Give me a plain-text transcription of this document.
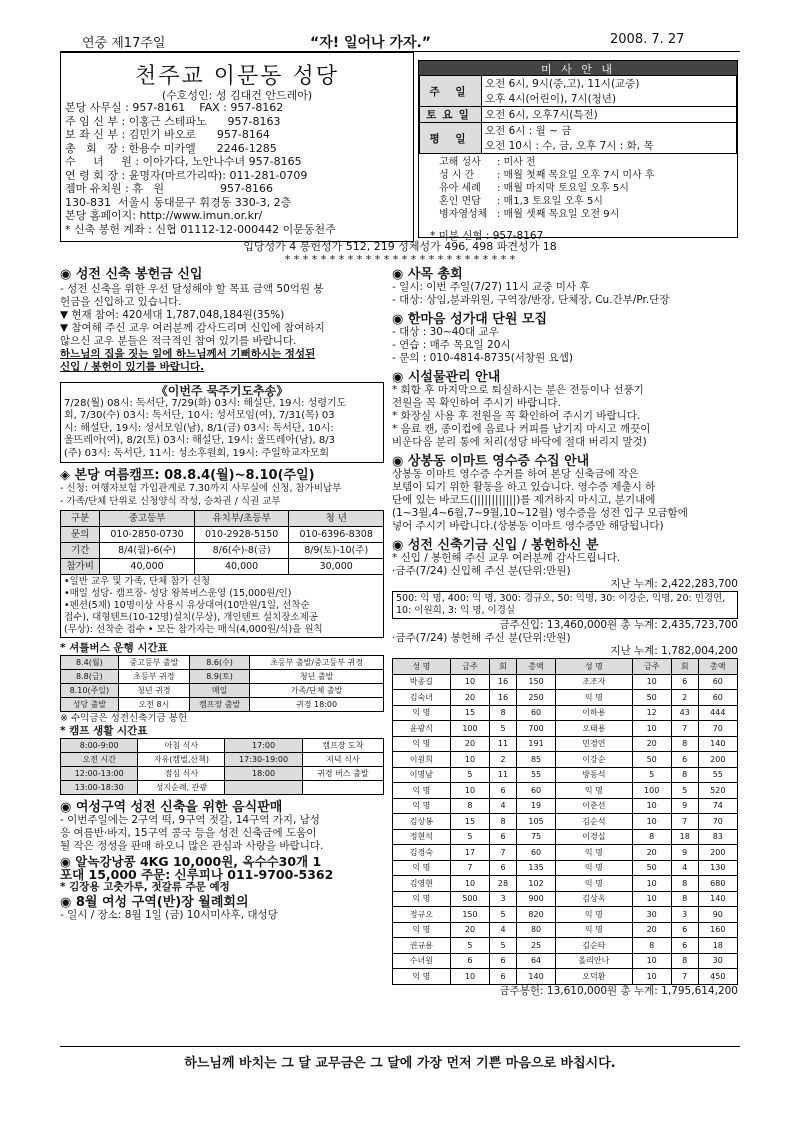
연중 제17주일	“자! 일어나 가자.”	2008. 7. 27
천주교 이문동 성당
(수호성인: 성 김대건 안드레아)
본당 사무실 : 957-8161    FAX : 957-8162
주 임 신 부 : 이홍근 스테파노      957-8163
보 좌 신 부 : 김민기 바오로      957-8164
총   회   장 : 한용수 미카엘      2246-1285
수     녀     원 : 이아가다, 노안나수녀 957-8165
연 령 회 장 : 윤명자(마르가리따): 011-281-0709
젬마 유치원 : 휴   원                957-8166
130-831  서울시 동대문구 휘경동 330-3, 2층
본당 홈페이지: http://www.imun.or.kr/
* 신축 봉헌 계좌 : 신협 01112-12-000442 이문동천주
미 사 안 내
주 일	오전 6시, 9시(중,고), 11시(교중)
오후 4시(어린이), 7시(청년)

토요일	오전 6시, 오후7시(특전)

평 일	오전 6시 : 월 ~ 금
오전 10시 : 수, 금, 오후 7시 : 화, 목
고해 성사 : 미사 전
성 시 간 : 매월 첫째 목요일 오후 7시 미사 후
유아 세례 : 매월 마지막 토요일 오후 5시
혼인 면담 : 매1,3 토요일 오후 5시
병자영성체 : 매월 셋째 목요일 오전 9시
* 미분 신협 : 957-8167
입당성가 4 봉헌성가 512, 219 성체성가 496, 498 파견성가 18
* * * * * * * * * * * * * * * * * * * * * * * * * *
◉ 성전 신축 봉헌금 신입
- 성전 신축을 위한 우선 달성해야 할 목표 금액 50억원 봉
헌금을 신입하고 있습니다.
▼ 현재 참여: 420세대 1,787,048,184원(35%)
▼ 참여해 주신 교우 여러분께 감사드리며 신입에 참여하지
않으신 교우 분들은 적극적인 참여 있기를 바랍니다.
하느님의 집을 짓는 일에 하느님께서 기뻐하시는 정성된
신입 / 봉헌이 있기를 바랍니다.
《이번주 묵주기도추송》
7/28(월) 08시: 독서단, 7/29(화) 03시: 해설단, 19시: 성령기도
회, 7/30(수) 03시: 독서단, 10시: 성서모임(여), 7/31(목) 03
시: 해설단, 19시: 성서모임(남), 8/1(금) 03시: 독서단, 10시:
울뜨레아(여), 8/2(토) 03시: 해설단, 19시: 울뜨레아(남), 8/3
(주) 03시: 독서단, 11시: 성소후원회, 19시: 주일학교자모회
◈ 본당 여름캠프: 08.8.4(월)~8.10(주일)
- 신청: 여행자보험 가입관계로 7.30까지 사무실에 신청, 참가비납부
- 가족/단체 단위로 신청양식 작성, 승차권 / 식권 교부
구분	중고등부	유치부/초등부	청 년
문의	010-2850-0730	010-2928-5150	010-6396-8308
기간	8/4(월)-6(수)	8/6(수)-8(금)	8/9(토)-10(주)
참가비	40,000	40,000	30,000
•일반 교우 및 가족, 단체 참가 신청
•매일 성당- 캠프장- 성당 왕복버스운영 (15,000원/인)
•펜션(5채) 10명이상 사용시 유상대여(10만원/1일, 선착순
접수), 대형텐트(10-12명)설치(무상), 개인텐트 설치장소제공
(무상): 선착순 접수 • 모든 참가자는 매식(4,000원/식)을 원칙
* 셔틀버스 운행 시간표
8.4(월)	중고등부 출발	8.6(수)	초등부 출발/중고등부 귀경
8.8(금)	초등부 귀경	8.9(토)	청년 출발
8.10(주일)	청년 귀경	매일	가족/단체 출발
성당 출발	오전 8시	캠프장 출발	귀경 18:00
※ 수익금은 성전신축기금 봉헌
* 캠프 생활 시간표
8:00-9:00	아침 식사	17:00	캠프장 도착
오전 시간	자유(캠벌,산책)	17:30-19:00	저녁 식사
12:00-13:00	점심 식사	18:00	귀경 버스 출발
13:00-18:30	성지순례, 관광		
◉ 여성구역 성전 신축을 위한 음식판매
- 이번주일에는 2구역 떡, 9구역 젓갈, 14구역 가지, 남성
응 여름반·바지, 15구역 콩국 등을 성전 신축금에 도움이
될 작은 정성을 판매 하오니 많은 관심과 사랑을 바랍니다.
◉ 알녹강낭콩 4KG 10,000원, 옥수수30개 1
포대 15,000 주문: 신루피나 011-9700-5362
* 김장용 고춧가루, 젓갈류 주문 예정
◉ 8월 여성 구역(반)장 월례회의
- 일시 / 장소: 8월 1일 (금) 10시미사후, 대성당
◉ 사목 총회
- 일시: 이번 주일(7/27) 11시 교중 미사 후
- 대상: 상임,분과위원, 구역장/반장, 단체장, Cu.간부/Pr.단장
◉ 한마음 성가대 단원 모집
- 대상 : 30~40대 교우
- 연습 : 매주 목요일 20시
- 문의 : 010-4814-8735(서창원 요셉)
◉ 시설물관리 안내
* 회합 후 마지막으로 퇴실하시는 분은 전등이나 선풍기
전원을 꼭 확인하여 주시기 바랍니다.
* 화장실 사용 후 전원을 꼭 확인하여 주시기 바랍니다.
* 음료 캔, 종이컵에 음료나 커피를 남기지 마시고 깨끗이
비운다음 분리 통에 처리(성당 바닥에 절대 버리지 말것)
◉ 상봉동 이마트 영수증 수집 안내
상봉동 이마트 영수증 수거를 하여 본당 신축금에 작은
보템이 되기 위한 활동을 하고 있습니다. 영수증 제출시 하
단에 있는 바코드(||||||||||||)를 제거하지 마시고, 분기내에
(1~3월,4~6월,7~9월,10~12월) 영수증을 성전 입구 모금함에
넣어 주시기 바랍니다.(상봉동 이마트 영수증만 해당됩니다)
◉ 성전 신축기금 신입 / 봉헌하신 분
* 신입 / 봉헌해 주신 교우 여러분께 감사드립니다.
·금주(7/24) 신입해 주신 분(단위:만원)
지난 누계: 2,422,283,700
500: 익 명, 400: 익 명, 300: 경규오, 50: 익명, 30: 이강순, 익명, 20: 민경연, 10: 이원희, 3: 익 명, 이경실
금주신입: 13,460,000원 총 누계: 2,435,723,700
·금주(7/24) 봉헌해 주신 분(단위:만원)
지난 누계: 1,782,004,200
성 명	금주	회	총액	성 명	금주	회	총액
박종길	10	16	150	조조자	10	6	60
김숙녀	20	16	250	익 명	50	2	60
익 명	15	8	60	이하용	12	43	444
윤광식	100	5	700	오태용	10	7	70
익 명	20	11	191	민경연	20	8	140
이원희	10	2	85	이강순	50	6	200
이명남	5	11	55	방동석	5	8	55
익 명	10	6	60	익 명	100	5	520
익 명	8	4	19	이춘선	10	9	74
김상봉	15	8	105	김순석	10	7	70
정현석	5	6	75	이경실	8	18	83
김경숙	17	7	60	익 명	20	9	200
익 명	7	6	135	익 명	50	4	130
김영현	10	28	102	익 명	10	8	680
익 명	500	3	900	김상옥	10	8	140
정규오	150	5	820	익 명	30	3	90
익 명	20	4	80	익 명	20	6	160
권규용	5	5	25	김순타	8	6	18
수녀원	6	6	64	올리안나	10	8	30
익 명	10	6	140	오덕환	10	7	450
금주봉헌: 13,610,000원 총 누계: 1,795,614,200
하느님께 바치는 그 달 교무금은 그 달에 가장 먼저 기쁜 마음으로 바칩시다.
